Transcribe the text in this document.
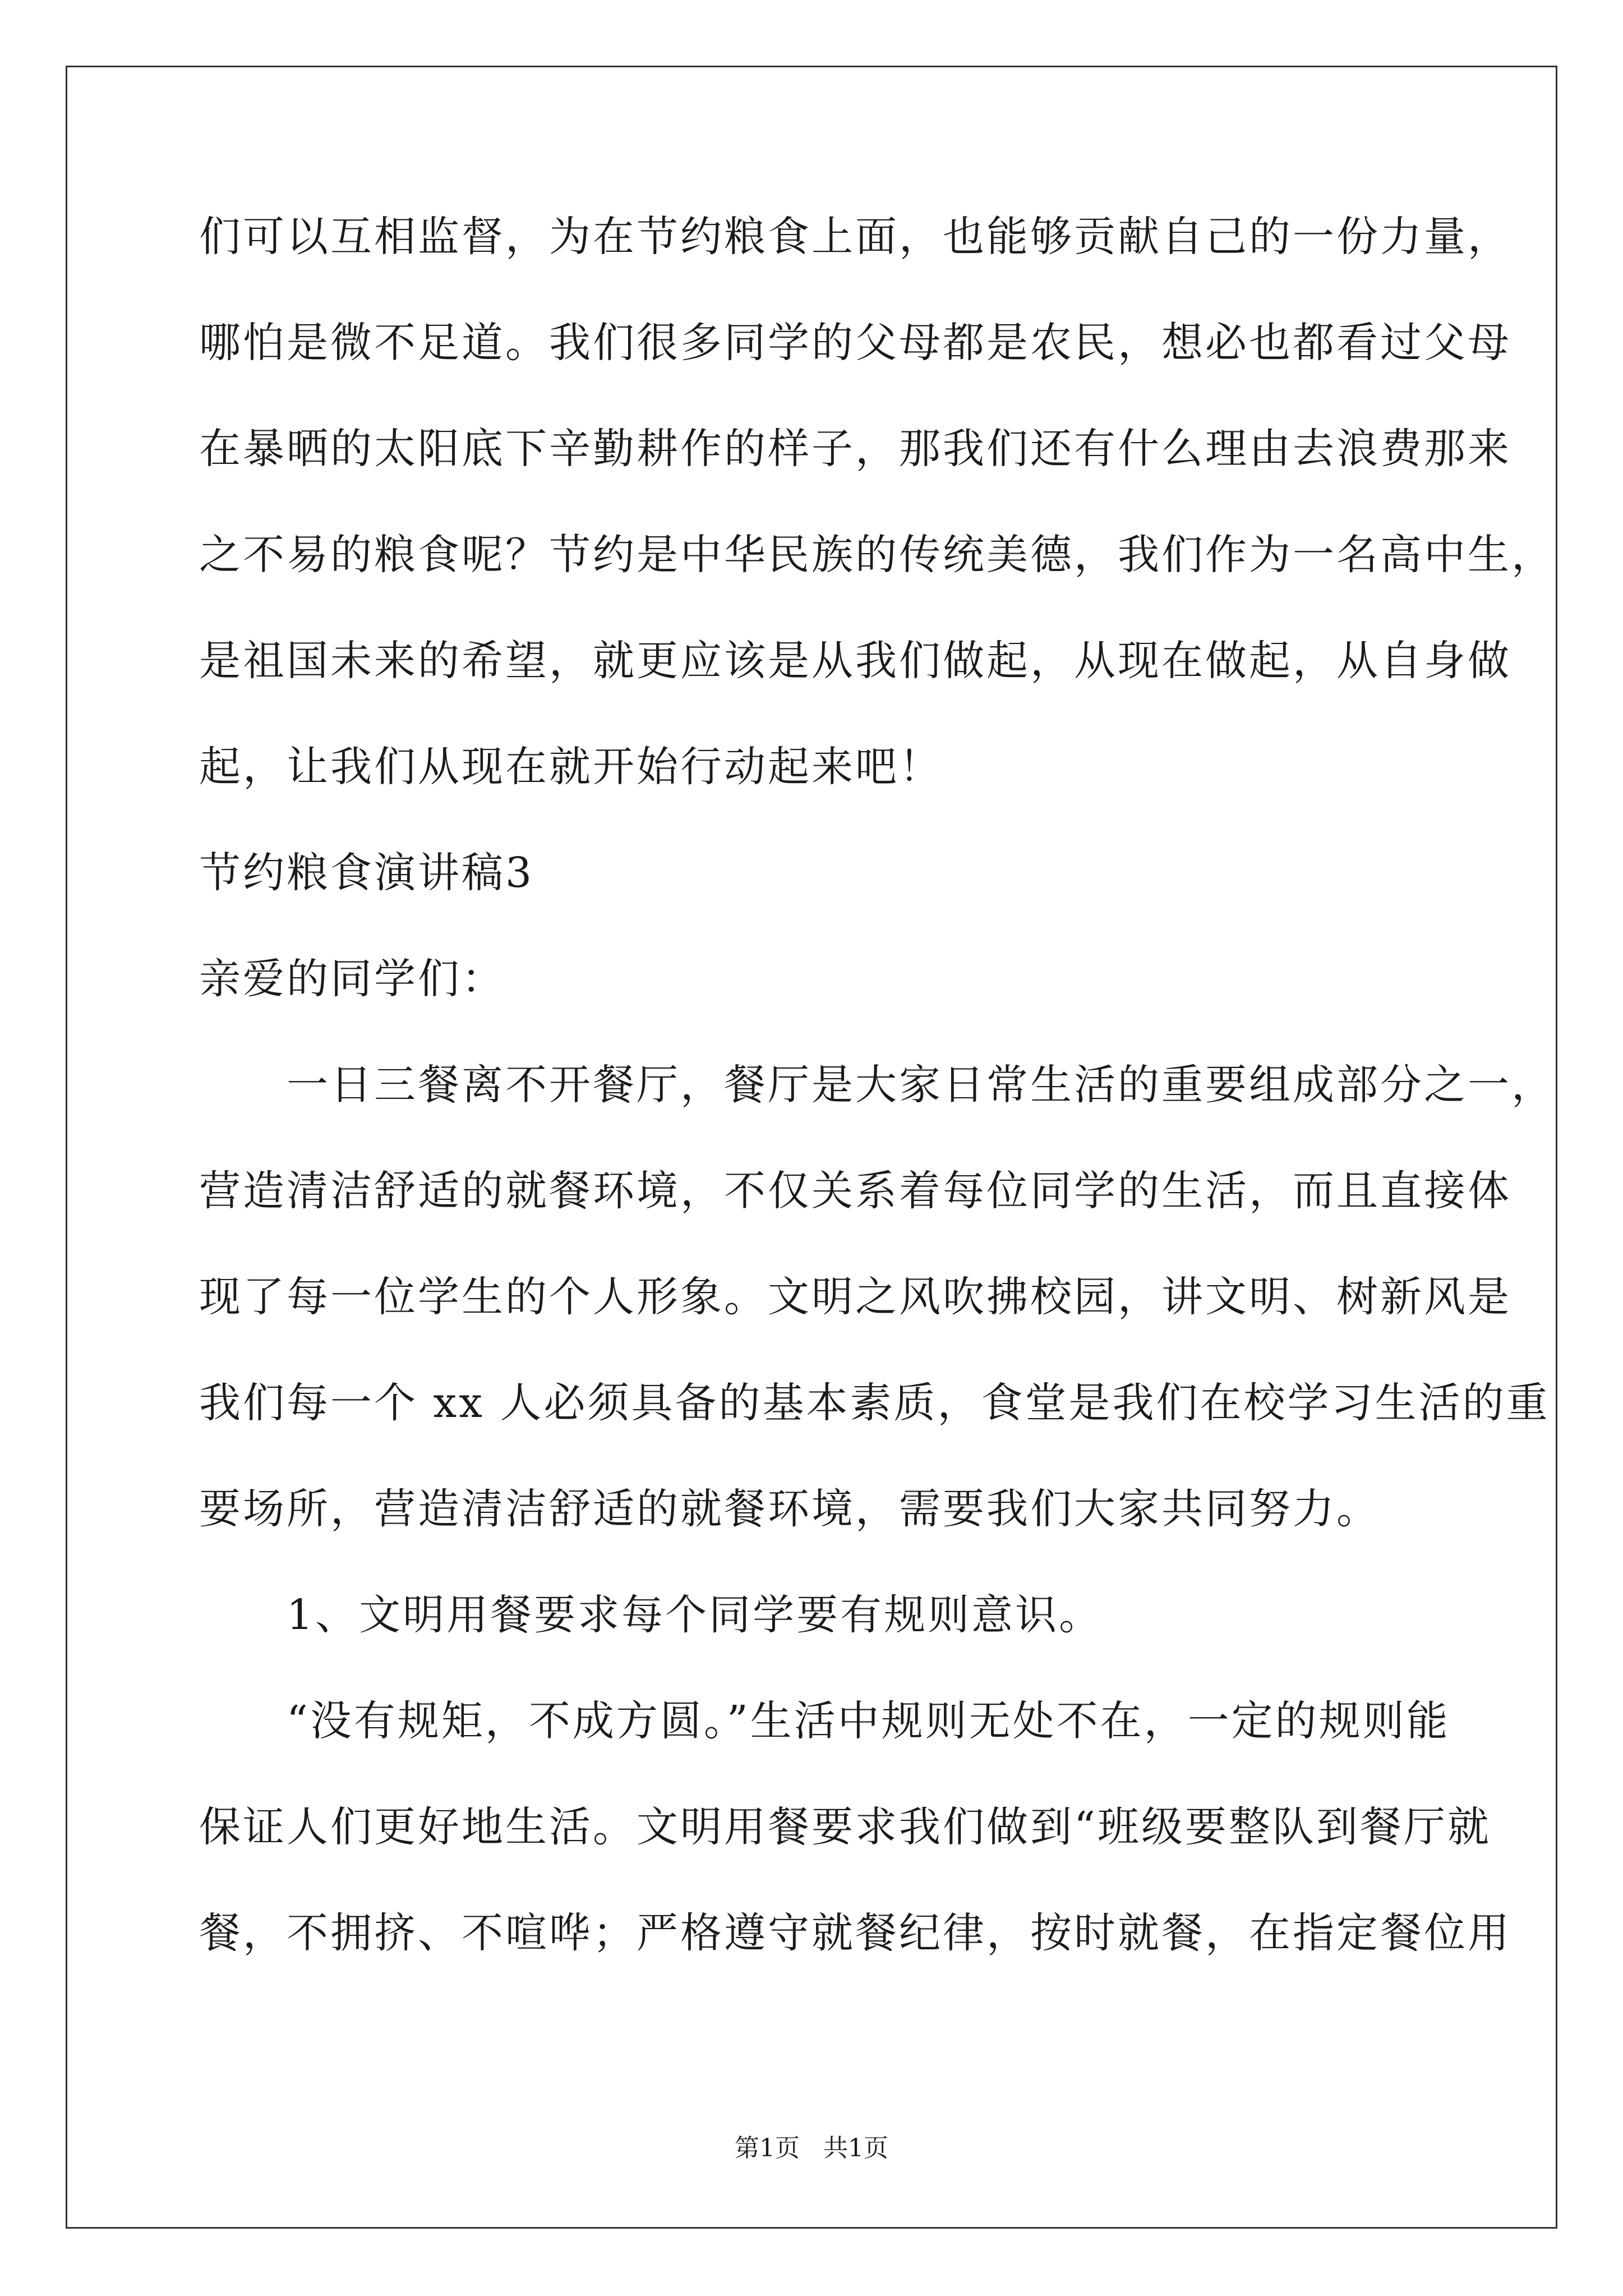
们可以互相监督，为在节约粮食上面，也能够贡献自己的一份力量，
哪怕是微不足道。我们很多同学的父母都是农民，想必也都看过父母
在暴晒的太阳底下辛勤耕作的样子，那我们还有什么理由去浪费那来
之不易的粮食呢？节约是中华民族的传统美德，我们作为一名高中生，
是祖国未来的希望，就更应该是从我们做起，从现在做起，从自身做
起，让我们从现在就开始行动起来吧！
节约粮食演讲稿3
亲爱的同学们：
　　一日三餐离不开餐厅，餐厅是大家日常生活的重要组成部分之一，
营造清洁舒适的就餐环境，不仅关系着每位同学的生活，而且直接体
现了每一位学生的个人形象。文明之风吹拂校园，讲文明、树新风是
我们每一个 xx 人必须具备的基本素质，食堂是我们在校学习生活的重
要场所，营造清洁舒适的就餐环境，需要我们大家共同努力。
　　1、文明用餐要求每个同学要有规则意识。
　　“没有规矩，不成方圆。”生活中规则无处不在，一定的规则能
保证人们更好地生活。文明用餐要求我们做到“班级要整队到餐厅就
餐，不拥挤、不喧哗；严格遵守就餐纪律，按时就餐，在指定餐位用
第1页   共1页
